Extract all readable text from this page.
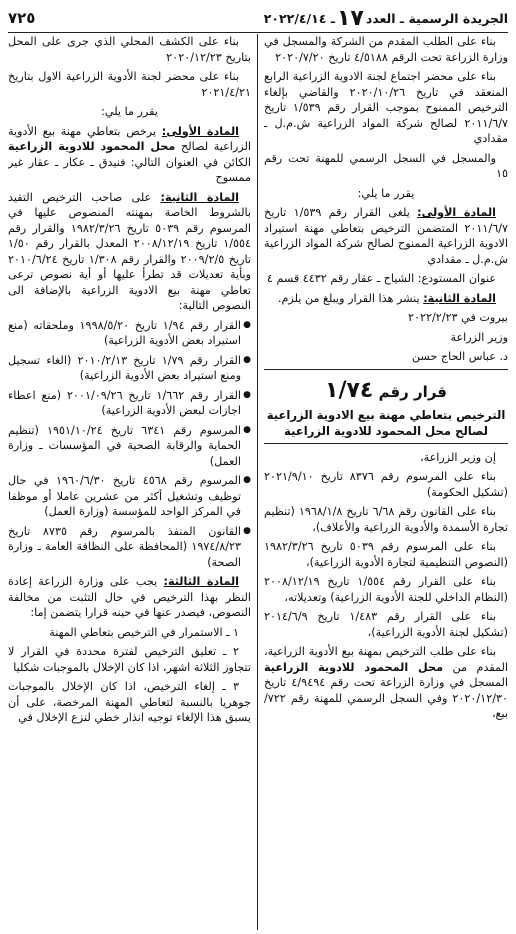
الجريدة الرسمية ـ العدد
١٧
ـ ٢٠٢٢/٤/١٤
٧٢٥

بناء على الطلب المقدم من الشركة والمسجل في وزارة الزراعة تحت الرقم ٤/٥١٨٨ تاريخ ٢٠٢٠/٧/٢٠

بناء على محضر اجتماع لجنة الادوية الزراعية الرابع المنعقد في تاريخ ٢٠٢٠/١٠/٢٦ والقاضي بإلغاء الترخيص الممنوح بموجب القرار رقم ١/٥٣٩ تاريخ ٢٠١١/٦/٧ لصالح شركة المواد الزراعية ش.م.ل ـ مقدادي

والمسجل في السجل الرسمي للمهنة تحت رقم ١٥

يقرر ما يلي:

المادة الأولى: يلغى القرار رقم ١/٥٣٩ تاريخ ٢٠١١/٦/٧ المتضمن الترخيص بتعاطي مهنة استيراد الادوية الزراعية الممنوح لصالح شركة المواد الزراعية ش.م.ل ـ مقدادي

عنوان المستودع: الشياح ـ عقار رقم ٤٤٣٢ قسم ٤

المادة الثانية: ينشر هذا القرار ويبلغ من يلزم.

بيروت في ٢٠٢٢/٢/٢٣

وزير الزراعة

د. عباس الحاج حسن

قرار رقم ١/٧٤
الترخيص بتعاطي مهنة بيع الادوية الزراعية لصالح محل المحمود للادوية الزراعية

إن وزير الزراعة،

بناء على المرسوم رقم ٨٣٧٦ تاريخ ٢٠٢١/٩/١٠ (تشكيل الحكومة)

بناء على القانون رقم ٦/٦٨ تاريخ ١٩٦٨/١/٨ (تنظيم تجارة الأسمدة والأدوية الزراعية والأعلاف)،

بناء على المرسوم رقم ٥٠٣٩ تاريخ ١٩٨٢/٣/٢٦ (النصوص التنظيمية لتجارة الأدوية الزراعية)،

بناء على القرار رقم ١/٥٥٤ تاريخ ٢٠٠٨/١٢/١٩ (النظام الداخلي للجنة الأدوية الزراعية) وتعديلاته،

بناء على القرار رقم ١/٤٨٣ تاريخ ٢٠١٤/٦/٩ (تشكيل لجنة الأدوية الزراعية)،

بناء على طلب الترخيص بمهنة بيع الأدوية الزراعية، المقدم من محل المحمود للادوية الزراعية المسجل في وزارة الزراعة تحت رقم ٤/٩٤٩٤ تاريخ ٢٠٢٠/١٢/٣٠ وفي السجل الرسمي للمهنة رقم ٧٢٢/بيع،

بناء على الكشف المحلي الذي جرى على المحل بتاريخ ٢٠٢٠/١٢/٢٣

بناء على محضر لجنة الأدوية الزراعية الاول بتاريخ ٢٠٢١/٤/٢١

يقرر ما يلي:

المادة الأولى: يرخص بتعاطي مهنة بيع الأدوية الزراعية لصالح محل المحمود للادوية الزراعية الكائن في العنوان التالي: فنيدق ـ عكار ـ عقار غير ممسوح

المادة الثانية: على صاحب الترخيص التقيد بالشروط الخاصة بمهنته المنصوص عليها في المرسوم رقم ٥٠٣٩ تاريخ ١٩٨٢/٣/٢٦ والقرار رقم ١/٥٥٤ تاريخ ٢٠٠٨/١٢/١٩ المعدل بالقرار رقم ١/٥٠ تاريخ ٢٠٠٩/٢/٥ والقرار رقم ١/٣٠٨ تاريخ ٢٠١٠/٦/٢٤ وبأية تعديلات قد تطرأ عليها أو أية نصوص ترعى تعاطي مهنة بيع الادوية الزراعية بالإضافة الى النصوص التالية:

● القرار رقم ١/٩٤ تاريخ ١٩٩٨/٥/٢٠ وملحقاته (منع استيراد بعض الأدوية الزراعية)

● القرار رقم ١/٧٩ تاريخ ٢٠١٠/٢/١٣ (الغاء تسجيل ومنع استيراد بعض الأدوية الزراعية)

● القرار رقم ١/٦٦٢ تاريخ ٢٠٠١/٠٩/٢٦ (منع اعطاء اجازات لبعض الأدوية الزراعية)

● المرسوم رقم ٦٣٤١ تاريخ ١٩٥١/١٠/٢٤ (تنظيم الحماية والرقابة الصحية في المؤسسات ـ وزارة العمل)

● المرسوم رقم ٤٥٦٨ تاريخ ١٩٦٠/٦/٣٠ في حال توظيف وتشغيل أكثر من عشرين عاملا أو موظفا في المركز الواحد للمؤسسة (وزارة العمل)

● القانون المنفذ بالمرسوم رقم ٨٧٣٥ تاريخ ١٩٧٤/٨/٢٣ (المحافظة على النظافة العامة ـ وزارة الصحة)

المادة الثالثة: يجب على وزارة الزراعة إعادة النظر بهذا الترخيص في حال التثبت من مخالفة النصوص، فيصدر عنها في حينه قرارا يتضمن إما:

١ ـ الاستمرار في الترخيص بتعاطي المهنة

٢ ـ تعليق الترخيص لفترة محددة في القرار لا تتجاوز الثلاثة اشهر، اذا كان الإخلال بالموجبات شكليا

٣ ـ إلغاء الترخيص، اذا كان الإخلال بالموجبات جوهريا بالنسبة لتعاطي المهنة المرخصة، على أن يسبق هذا الإلغاء توجيه انذار خطي لنزع الإخلال في
